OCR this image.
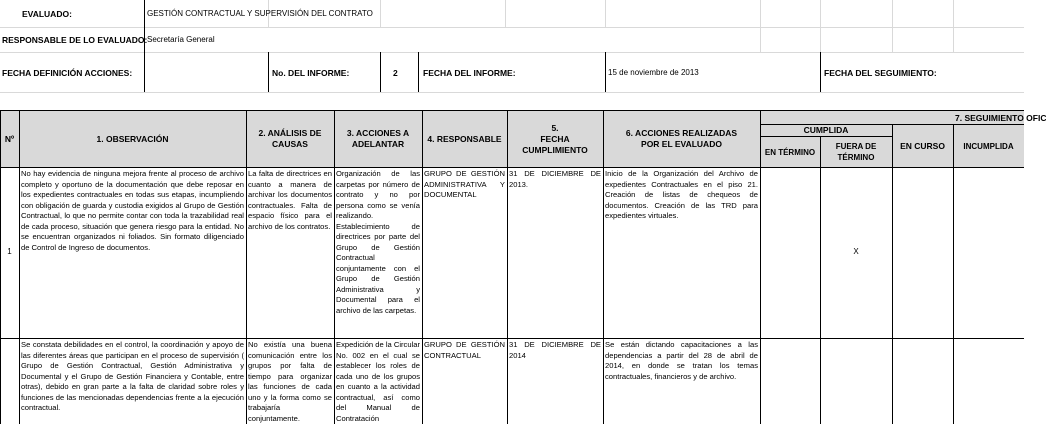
EVALUADO:	GESTIÓN CONTRACTUAL Y SUPERVISIÓN DEL CONTRATO
RESPONSABLE DE LO EVALUADO: Secretaría General
FECHA DEFINICIÓN ACCIONES:	No. DEL INFORME:	2	FECHA DEL INFORME:	15 de noviembre de 2013	FECHA DEL SEGUIMIENTO:
Nº	1. OBSERVACIÓN
2. ANÁLISIS DE CAUSAS
3. ACCIONES A ADELANTAR
4. RESPONSABLE
5.
FECHA CUMPLIMIENTO
6. ACCIONES REALIZADAS POR EL EVALUADO
7. SEGUIMIENTO OFIC
CUMPLIDA
EN TÉRMINO
FUERA DE TÉRMINO
EN CURSO	INCUMPLIDA
1
No hay evidencia de ninguna mejora frente al proceso de archivo completo y oportuno de la documentación que debe reposar en los expedientes contractuales en todas sus etapas, incumpliendo con obligación de guarda y custodia exigidos al Grupo de Gestión Contractual, lo que no permite contar con toda la trazabilidad real de cada proceso, situación que genera riesgo para la entidad. No se encuentran organizados ni foliados. Sin formato diligenciado de Control de Ingreso de documentos.
La falta de directrices en cuanto a manera de archivar los documentos contractuales. Falta de espacio físico para el archivo de los contratos.
Organización de las carpetas por número de contrato y no por persona como se venía realizando. Establecimiento de directrices por parte del Grupo de Gestión Contractual conjuntamente con el Grupo de Gestión Administrativa y Documental para el archivo de las carpetas.
GRUPO DE GESTIÓN ADMINISTRATIVA Y DOCUMENTAL
31 DE DICIEMBRE DE 2013.
Inicio de la Organización del Archivo de expedientes Contractuales en el piso 21. Creación de listas de chequeos de documentos. Creación de las TRD para expedientes virtuales.
X
Se constata debilidades en el control, la coordinación y apoyo de las diferentes áreas que participan en el proceso de supervisión ( Grupo de Gestión Contractual, Gestión Administrativa y Documental y el Grupo de Gestión Financiera y Contable, entre otras), debido en gran parte a la falta de claridad sobre roles y funciones de las mencionadas dependencias frente a la ejecución contractual.
No existía una buena comunicación entre los grupos por falta de tiempo para organizar las funciones de cada uno y la forma como se trabajaría conjuntamente.
Expedición de la Circular No. 002 en el cual se establecer los roles de cada uno de los grupos en cuanto a la actividad contractual, así como del Manual de Contratación
GRUPO DE GESTIÓN CONTRACTUAL
31 DE DICIEMBRE DE 2014
Se están dictando capacitaciones a las dependencias a partir del 28 de abril de 2014, en donde se tratan los temas contractuales, financieros y de archivo.
